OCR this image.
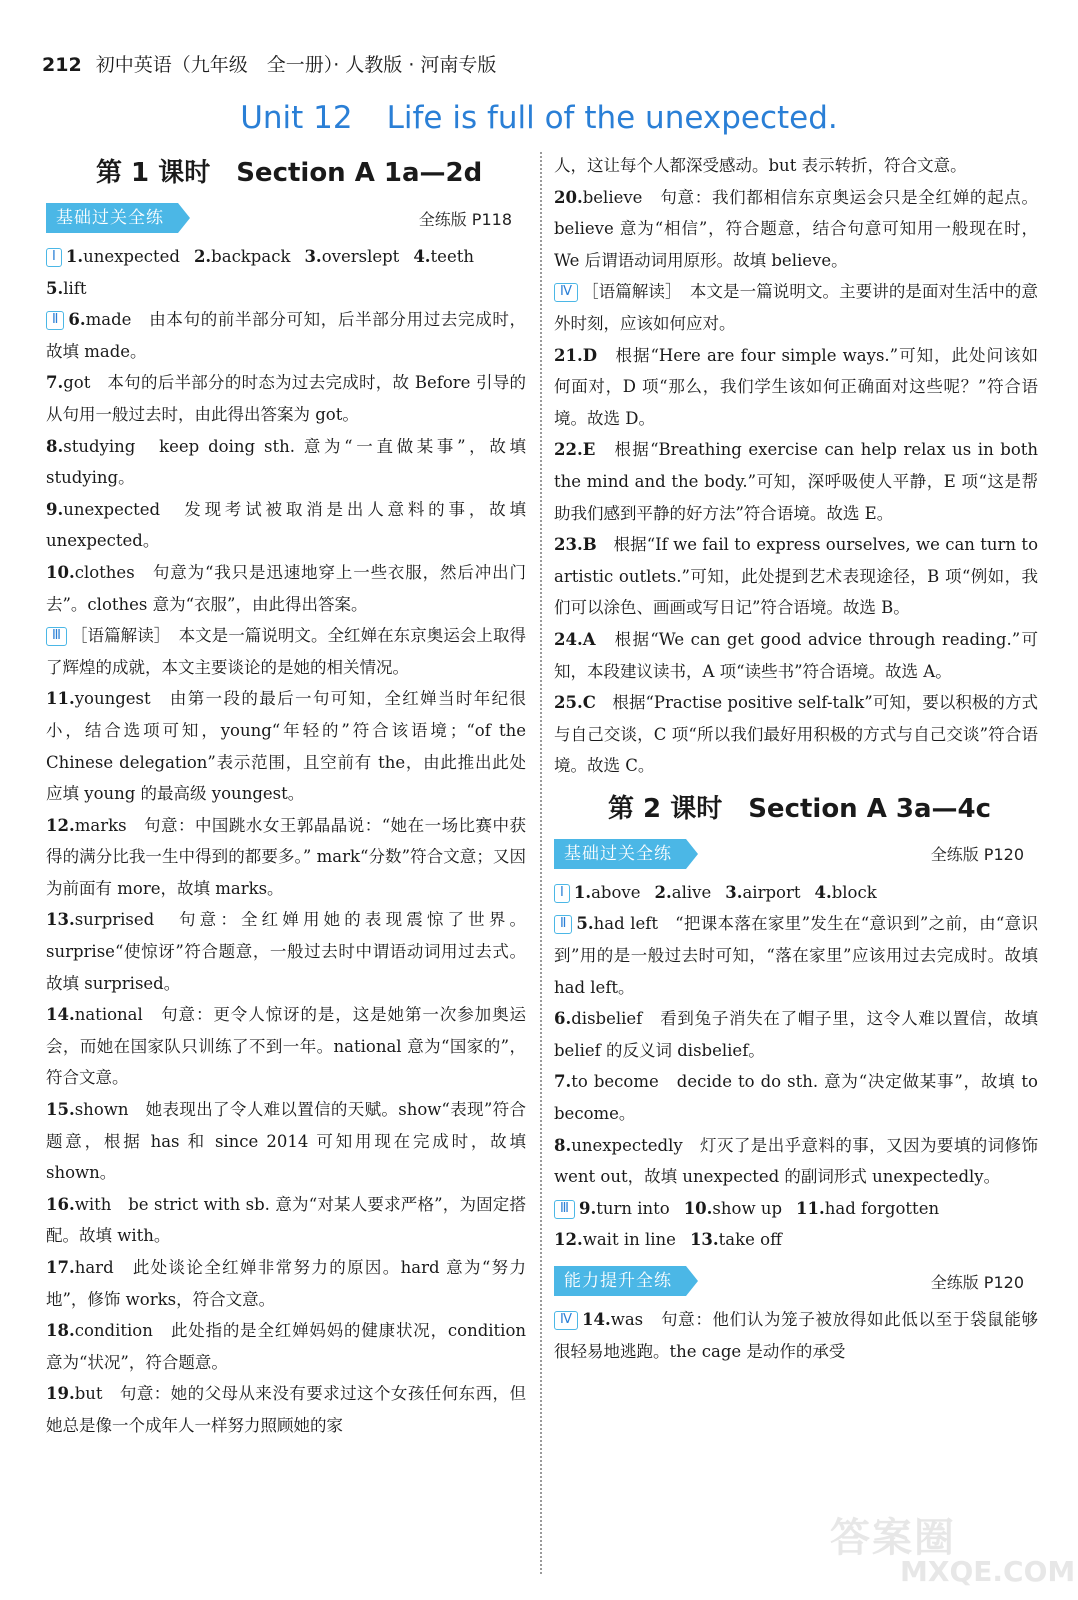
212 初中英语（九年级　全一册）· 人教版 · 河南专版
Unit 12 Life is full of the unexpected.
第 1 课时 Section A 1a—2d
基础过关全练	全练版 P118
Ⅰ 1.unexpected 2.backpack 3.overslept 4.teeth
5.lift
Ⅱ 6.made　由本句的前半部分可知，后半部分用过去完成时，故填 made。
7.got　本句的后半部分的时态为过去完成时，故 Before 引导的从句用一般过去时，由此得出答案为 got。
8.studying　keep doing sth. 意为“一直做某事”，故填 studying。
9.unexpected　发现考试被取消是出人意料的事，故填 unexpected。
10.clothes　句意为“我只是迅速地穿上一些衣服，然后冲出门去”。clothes 意为“衣服”，由此得出答案。
Ⅲ ［语篇解读］　本文是一篇说明文。全红婵在东京奥运会上取得了辉煌的成就，本文主要谈论的是她的相关情况。
11.youngest　由第一段的最后一句可知，全红婵当时年纪很小，结合选项可知，young“年轻的”符合该语境；“of the Chinese delegation”表示范围，且空前有 the，由此推出此处应填 young 的最高级 youngest。
12.marks　句意：中国跳水女王郭晶晶说：“她在一场比赛中获得的满分比我一生中得到的都要多。” mark“分数”符合文意；又因为前面有 more，故填 marks。
13.surprised　句意：全红婵用她的表现震惊了世界。surprise“使惊讶”符合题意，一般过去时中谓语动词用过去式。故填 surprised。
14.national　句意：更令人惊讶的是，这是她第一次参加奥运会，而她在国家队只训练了不到一年。national 意为“国家的”，符合文意。
15.shown　她表现出了令人难以置信的天赋。show“表现”符合题意，根据 has 和 since 2014 可知用现在完成时，故填 shown。
16.with　be strict with sb. 意为“对某人要求严格”，为固定搭配。故填 with。
17.hard　此处谈论全红婵非常努力的原因。hard 意为“努力地”，修饰 works，符合文意。
18.condition　此处指的是全红婵妈妈的健康状况，condition 意为“状况”，符合题意。
19.but　句意：她的父母从来没有要求过这个女孩任何东西，但她总是像一个成年人一样努力照顾她的家
人，这让每个人都深受感动。but 表示转折，符合文意。
20.believe　句意：我们都相信东京奥运会只是全红婵的起点。believe 意为“相信”，符合题意，结合句意可知用一般现在时，We 后谓语动词用原形。故填 believe。
Ⅳ ［语篇解读］　本文是一篇说明文。主要讲的是面对生活中的意外时刻，应该如何应对。
21.D　 根据“Here are four simple ways.”可知，此处问该如何面对，D 项“那么，我们学生该如何正确面对这些呢？”符合语境。故选 D。
22.E　 根据“Breathing exercise can help relax us in both the mind and the body.”可知，深呼吸使人平静，E 项“这是帮助我们感到平静的好方法”符合语境。故选 E。
23.B　 根据“If we fail to express ourselves, we can turn to artistic outlets.”可知，此处提到艺术表现途径，B 项“例如，我们可以涂色、画画或写日记”符合语境。故选 B。
24.A　 根据“We can get good advice through reading.”可知，本段建议读书，A 项“读些书”符合语境。故选 A。
25.C　 根据“Practise positive self-talk”可知，要以积极的方式与自己交谈，C 项“所以我们最好用积极的方式与自己交谈”符合语境。故选 C。
第 2 课时 Section A 3a—4c
基础过关全练	全练版 P120
Ⅰ 1.above 2.alive 3.airport 4.block
Ⅱ 5.had left　“把课本落在家里”发生在“意识到”之前，由“意识到”用的是一般过去时可知，“落在家里”应该用过去完成时。故填 had left。
6.disbelief　看到兔子消失在了帽子里，这令人难以置信，故填 belief 的反义词 disbelief。
7.to become　decide to do sth. 意为“决定做某事”，故填 to become。
8.unexpectedly　灯灭了是出乎意料的事，又因为要填的词修饰 went out，故填 unexpected 的副词形式 unexpectedly。
Ⅲ 9.turn into 10.show up 11.had forgotten
12.wait in line 13.take off
能力提升全练	全练版 P120
Ⅳ 14.was　句意：他们认为笼子被放得如此低以至于袋鼠能够很轻易地逃跑。the cage 是动作的承受
答案圈
MXQE.COM
